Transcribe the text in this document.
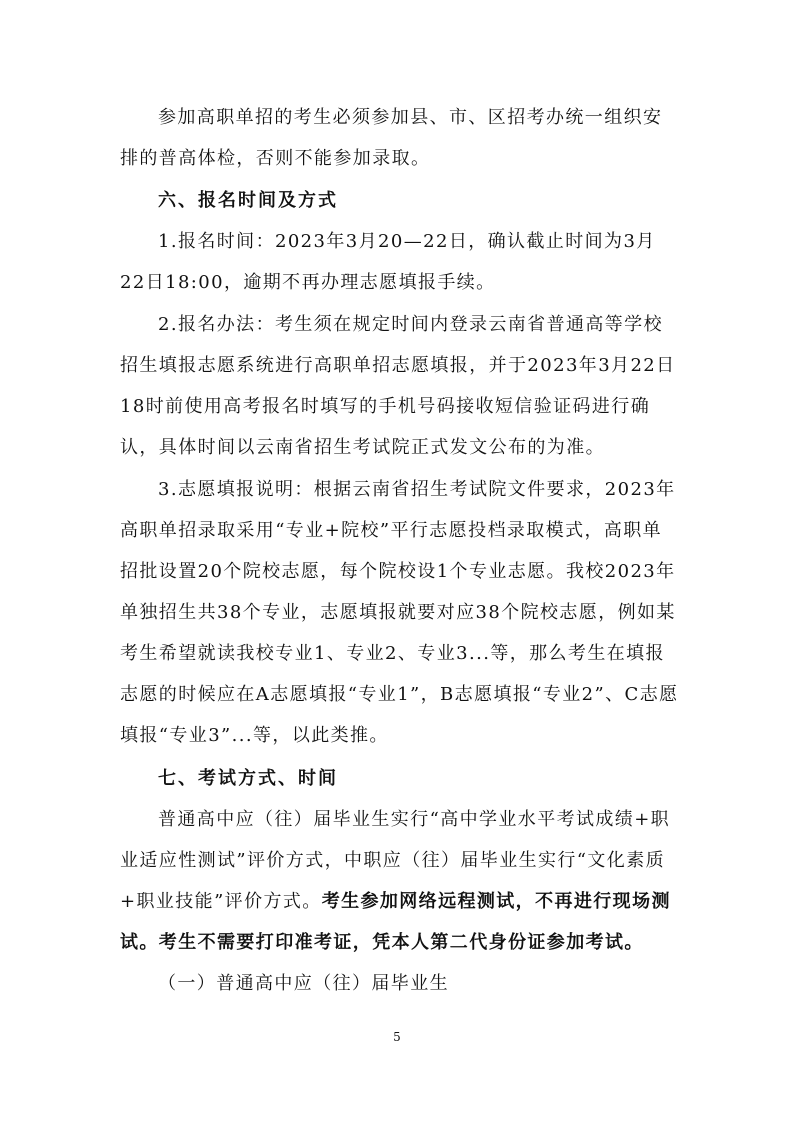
参加高职单招的考生必须参加县、市、区招考办统一组织安排的普高体检，否则不能参加录取。
六、报名时间及方式
1.报名时间：2023年3月20—22日，确认截止时间为3月22日18:00，逾期不再办理志愿填报手续。
2.报名办法：考生须在规定时间内登录云南省普通高等学校招生填报志愿系统进行高职单招志愿填报，并于2023年3月22日18时前使用高考报名时填写的手机号码接收短信验证码进行确认，具体时间以云南省招生考试院正式发文公布的为准。
3.志愿填报说明：根据云南省招生考试院文件要求，2023年高职单招录取采用“专业+院校”平行志愿投档录取模式，高职单招批设置20个院校志愿，每个院校设1个专业志愿。我校2023年单独招生共38个专业，志愿填报就要对应38个院校志愿，例如某考生希望就读我校专业1、专业2、专业3...等，那么考生在填报志愿的时候应在A志愿填报“专业1”，B志愿填报“专业2”、C志愿填报“专业3”...等，以此类推。
七、考试方式、时间
普通高中应（往）届毕业生实行“高中学业水平考试成绩+职业适应性测试”评价方式，中职应（往）届毕业生实行“文化素质+职业技能”评价方式。考生参加网络远程测试，不再进行现场测试。考生不需要打印准考证，凭本人第二代身份证参加考试。
（一）普通高中应（往）届毕业生
5
